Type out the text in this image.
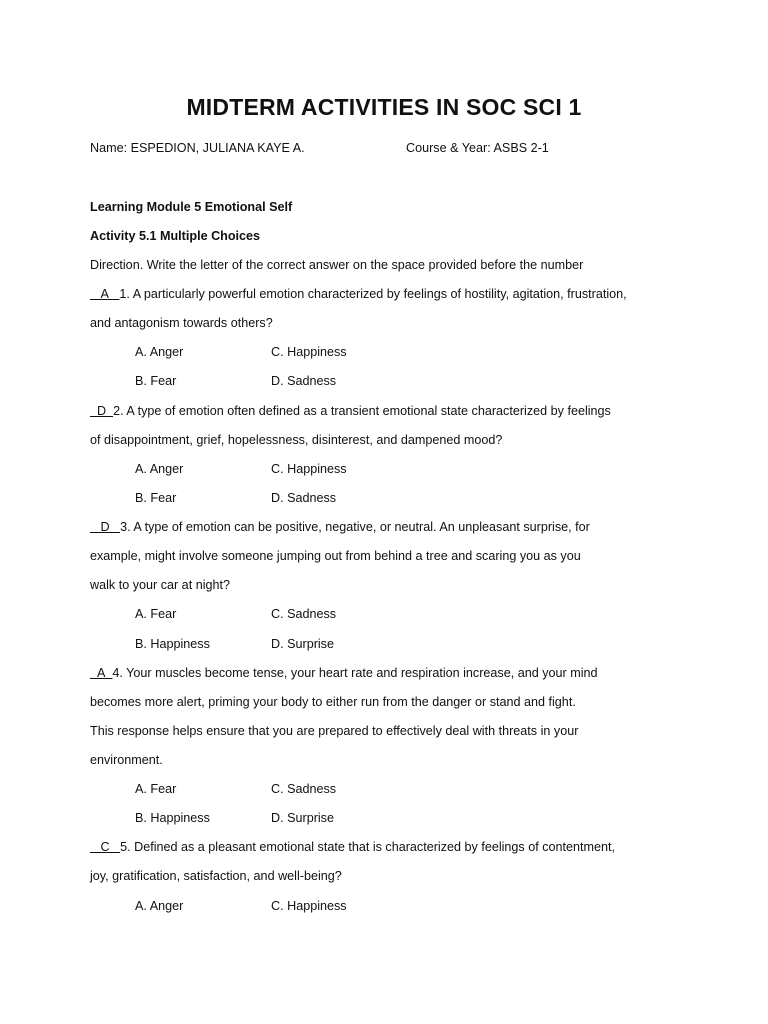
MIDTERM ACTIVITIES IN SOC SCI 1
Name: ESPEDION, JULIANA KAYE A.	Course & Year: ASBS 2-1
Learning Module 5 Emotional Self
Activity 5.1 Multiple Choices
Direction. Write the letter of the correct answer on the space provided before the number
A   1. A particularly powerful emotion characterized by feelings of hostility, agitation, frustration,
and antagonism towards others?
A. Anger	C. Happiness
B. Fear	D. Sadness
D  2. A type of emotion often defined as a transient emotional state characterized by feelings
of disappointment, grief, hopelessness, disinterest, and dampened mood?
A. Anger	C. Happiness
B. Fear	D. Sadness
D   3. A type of emotion can be positive, negative, or neutral. An unpleasant surprise, for
example, might involve someone jumping out from behind a tree and scaring you as you
walk to your car at night?
A. Fear	C. Sadness
B. Happiness	D. Surprise
A  4. Your muscles become tense, your heart rate and respiration increase, and your mind
becomes more alert, priming your body to either run from the danger or stand and fight.
This response helps ensure that you are prepared to effectively deal with threats in your
environment.
A. Fear	C. Sadness
B. Happiness	D. Surprise
C   5. Defined as a pleasant emotional state that is characterized by feelings of contentment,
joy, gratification, satisfaction, and well-being?
A. Anger	C. Happiness
